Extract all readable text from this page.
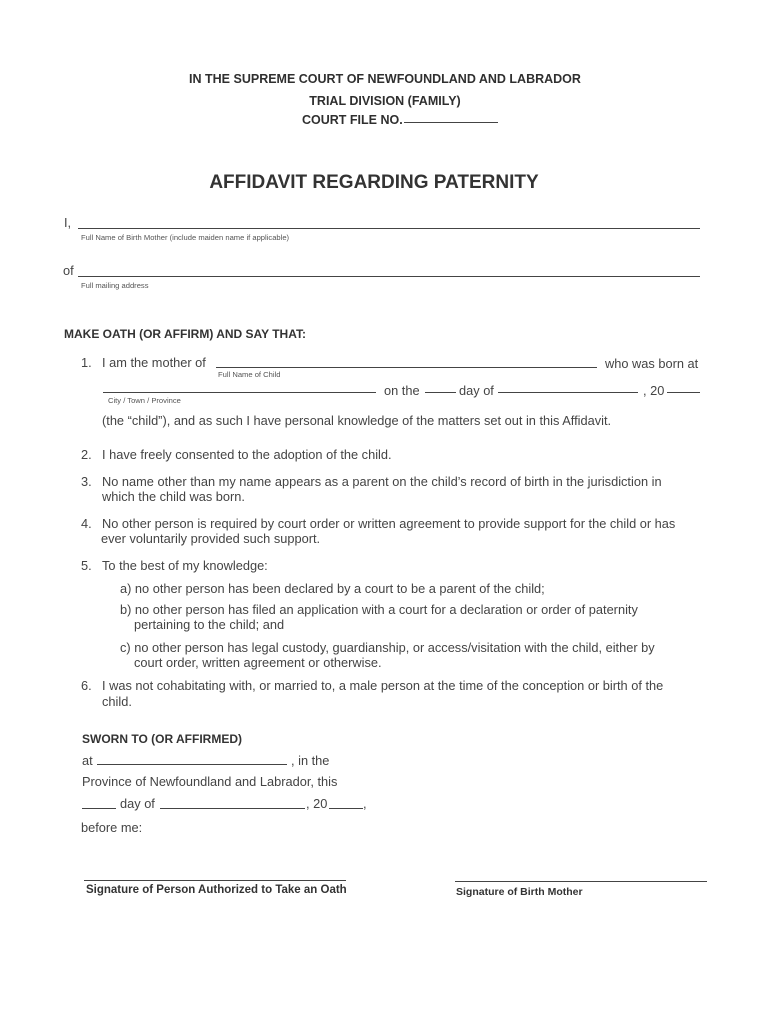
IN THE SUPREME COURT OF NEWFOUNDLAND AND LABRADOR
TRIAL DIVISION (FAMILY)
COURT FILE NO.
AFFIDAVIT REGARDING PATERNITY
I,
Full Name of Birth Mother (include maiden name if applicable)
of
Full mailing address
MAKE OATH (OR AFFIRM) AND SAY THAT:
1. I am the mother of	who was born at
Full Name of Child
on the	day of	, 20
City / Town / Province
(the “child”), and as such I have personal knowledge of the matters set out in this Affidavit.
2. I have freely consented to the adoption of the child.
3. No name other than my name appears as a parent on the child’s record of birth in the jurisdiction in
which the child was born.
4. No other person is required by court order or written agreement to provide support for the child or has
ever voluntarily provided such support.
5. To the best of my knowledge:
a) no other person has been declared by a court to be a parent of the child;
b) no other person has filed an application with a court for a declaration or order of paternity
pertaining to the child; and
c) no other person has legal custody, guardianship, or access/visitation with the child, either by
court order, written agreement or otherwise.
6. I was not cohabitating with, or married to, a male person at the time of the conception or birth of the
child.
SWORN TO (OR AFFIRMED)
at	, in the
Province of Newfoundland and Labrador, this
day of	, 20	,
before me:
Signature of Person Authorized to Take an Oath	Signature of Birth Mother
